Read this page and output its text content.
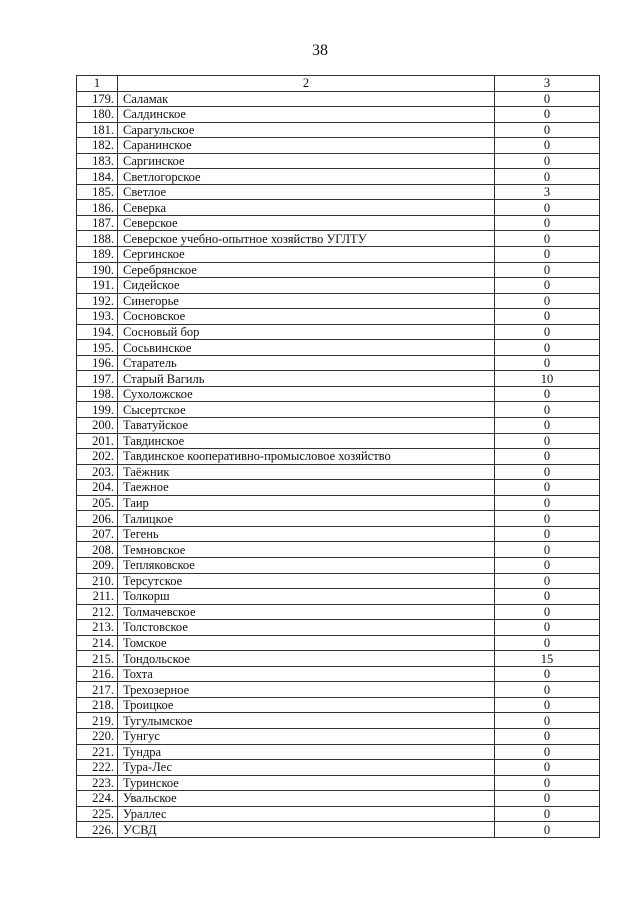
38
1	2	3
179.	Саламак	0
180.	Салдинское	0
181.	Сарагульское	0
182.	Саранинское	0
183.	Саргинское	0
184.	Светлогорское	0
185.	Светлое	3
186.	Северка	0
187.	Северское	0
188.	Северское учебно-опытное хозяйство УГЛТУ	0
189.	Сергинское	0
190.	Серебрянское	0
191.	Сидейское	0
192.	Синегорье	0
193.	Сосновское	0
194.	Сосновый бор	0
195.	Сосьвинское	0
196.	Старатель	0
197.	Старый Вагиль	10
198.	Сухоложское	0
199.	Сысертское	0
200.	Таватуйское	0
201.	Тавдинское	0
202.	Тавдинское кооперативно-промысловое хозяйство	0
203.	Таёжник	0
204.	Таежное	0
205.	Таир	0
206.	Талицкое	0
207.	Тегень	0
208.	Темновское	0
209.	Тепляковское	0
210.	Терсутское	0
211.	Толкорш	0
212.	Толмачевское	0
213.	Толстовское	0
214.	Томское	0
215.	Тондольское	15
216.	Тохта	0
217.	Трехозерное	0
218.	Троицкое	0
219.	Тугулымское	0
220.	Тунгус	0
221.	Тундра	0
222.	Тура-Лес	0
223.	Туринское	0
224.	Увальское	0
225.	Ураллес	0
226.	УСВД	0
